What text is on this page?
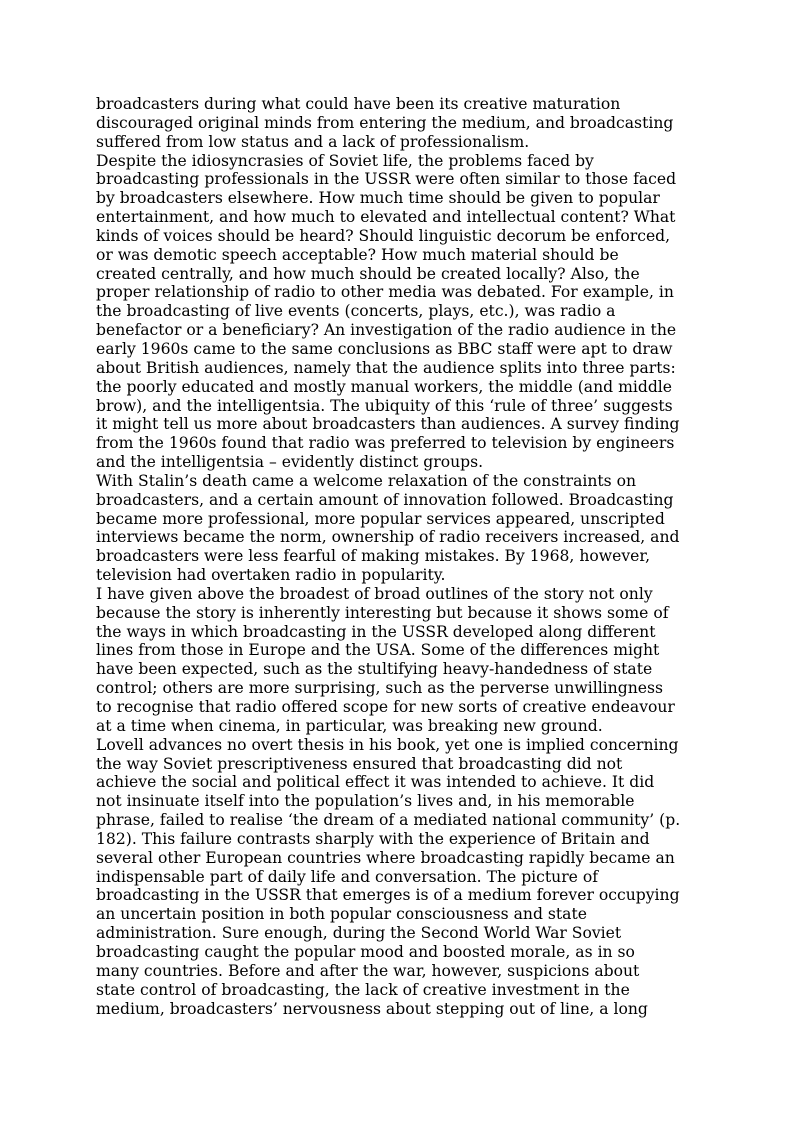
broadcasters during what could have been its creative maturation
discouraged original minds from entering the medium, and broadcasting
suffered from low status and a lack of professionalism.

Despite the idiosyncrasies of Soviet life, the problems faced by
broadcasting professionals in the USSR were often similar to those faced
by broadcasters elsewhere. How much time should be given to popular
entertainment, and how much to elevated and intellectual content? What
kinds of voices should be heard? Should linguistic decorum be enforced,
or was demotic speech acceptable? How much material should be
created centrally, and how much should be created locally? Also, the
proper relationship of radio to other media was debated. For example, in
the broadcasting of live events (concerts, plays, etc.), was radio a
benefactor or a beneficiary? An investigation of the radio audience in the
early 1960s came to the same conclusions as BBC staff were apt to draw
about British audiences, namely that the audience splits into three parts:
the poorly educated and mostly manual workers, the middle (and middle
brow), and the intelligentsia. The ubiquity of this ‘rule of three’ suggests
it might tell us more about broadcasters than audiences. A survey finding
from the 1960s found that radio was preferred to television by engineers
and the intelligentsia – evidently distinct groups.

With Stalin’s death came a welcome relaxation of the constraints on
broadcasters, and a certain amount of innovation followed. Broadcasting
became more professional, more popular services appeared, unscripted
interviews became the norm, ownership of radio receivers increased, and
broadcasters were less fearful of making mistakes. By 1968, however,
television had overtaken radio in popularity.

I have given above the broadest of broad outlines of the story not only
because the story is inherently interesting but because it shows some of
the ways in which broadcasting in the USSR developed along different
lines from those in Europe and the USA. Some of the differences might
have been expected, such as the stultifying heavy-handedness of state
control; others are more surprising, such as the perverse unwillingness
to recognise that radio offered scope for new sorts of creative endeavour
at a time when cinema, in particular, was breaking new ground.

Lovell advances no overt thesis in his book, yet one is implied concerning
the way Soviet prescriptiveness ensured that broadcasting did not
achieve the social and political effect it was intended to achieve. It did
not insinuate itself into the population’s lives and, in his memorable
phrase, failed to realise ‘the dream of a mediated national community’ (p.
182). This failure contrasts sharply with the experience of Britain and
several other European countries where broadcasting rapidly became an
indispensable part of daily life and conversation. The picture of
broadcasting in the USSR that emerges is of a medium forever occupying
an uncertain position in both popular consciousness and state
administration. Sure enough, during the Second World War Soviet
broadcasting caught the popular mood and boosted morale, as in so
many countries. Before and after the war, however, suspicions about
state control of broadcasting, the lack of creative investment in the
medium, broadcasters’ nervousness about stepping out of line, a long
